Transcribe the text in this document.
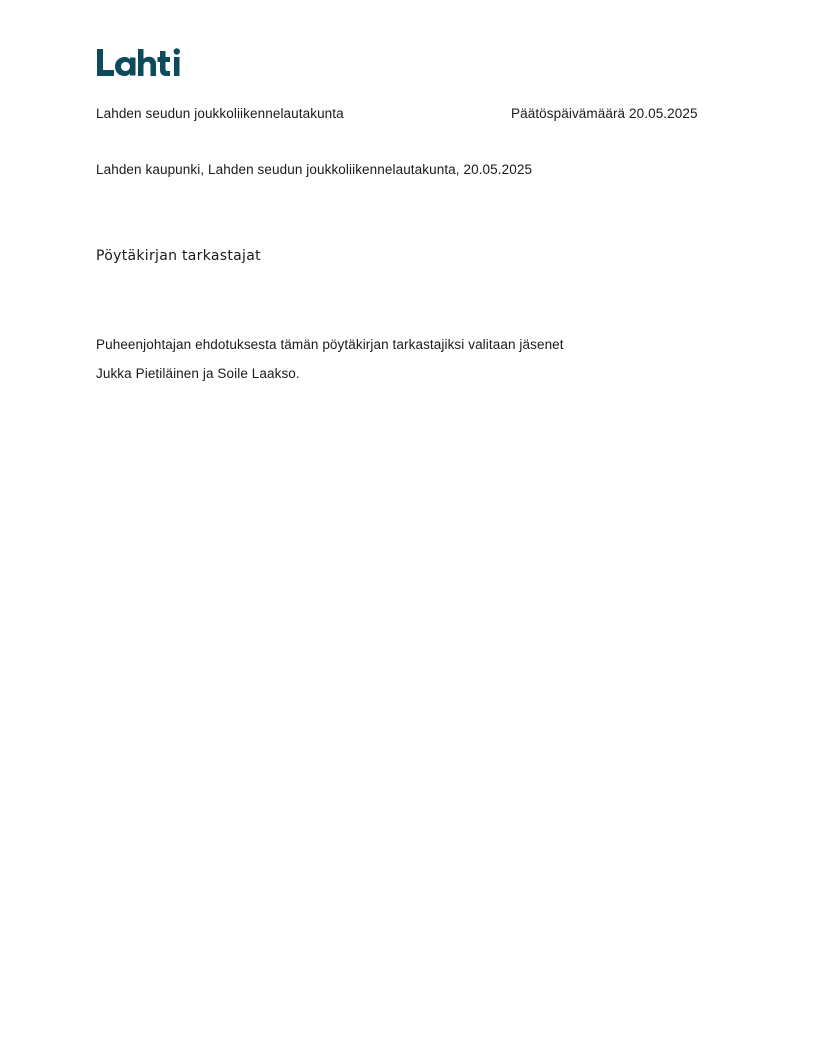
Lahden seudun joukkoliikennelautakunta	Päätöspäivämäärä 20.05.2025
Lahden kaupunki, Lahden seudun joukkoliikennelautakunta, 20.05.2025
Pöytäkirjan tarkastajat

Puheenjohtajan ehdotuksesta tämän pöytäkirjan tarkastajiksi valitaan jäsenet

Jukka Pietiläinen ja Soile Laakso.
